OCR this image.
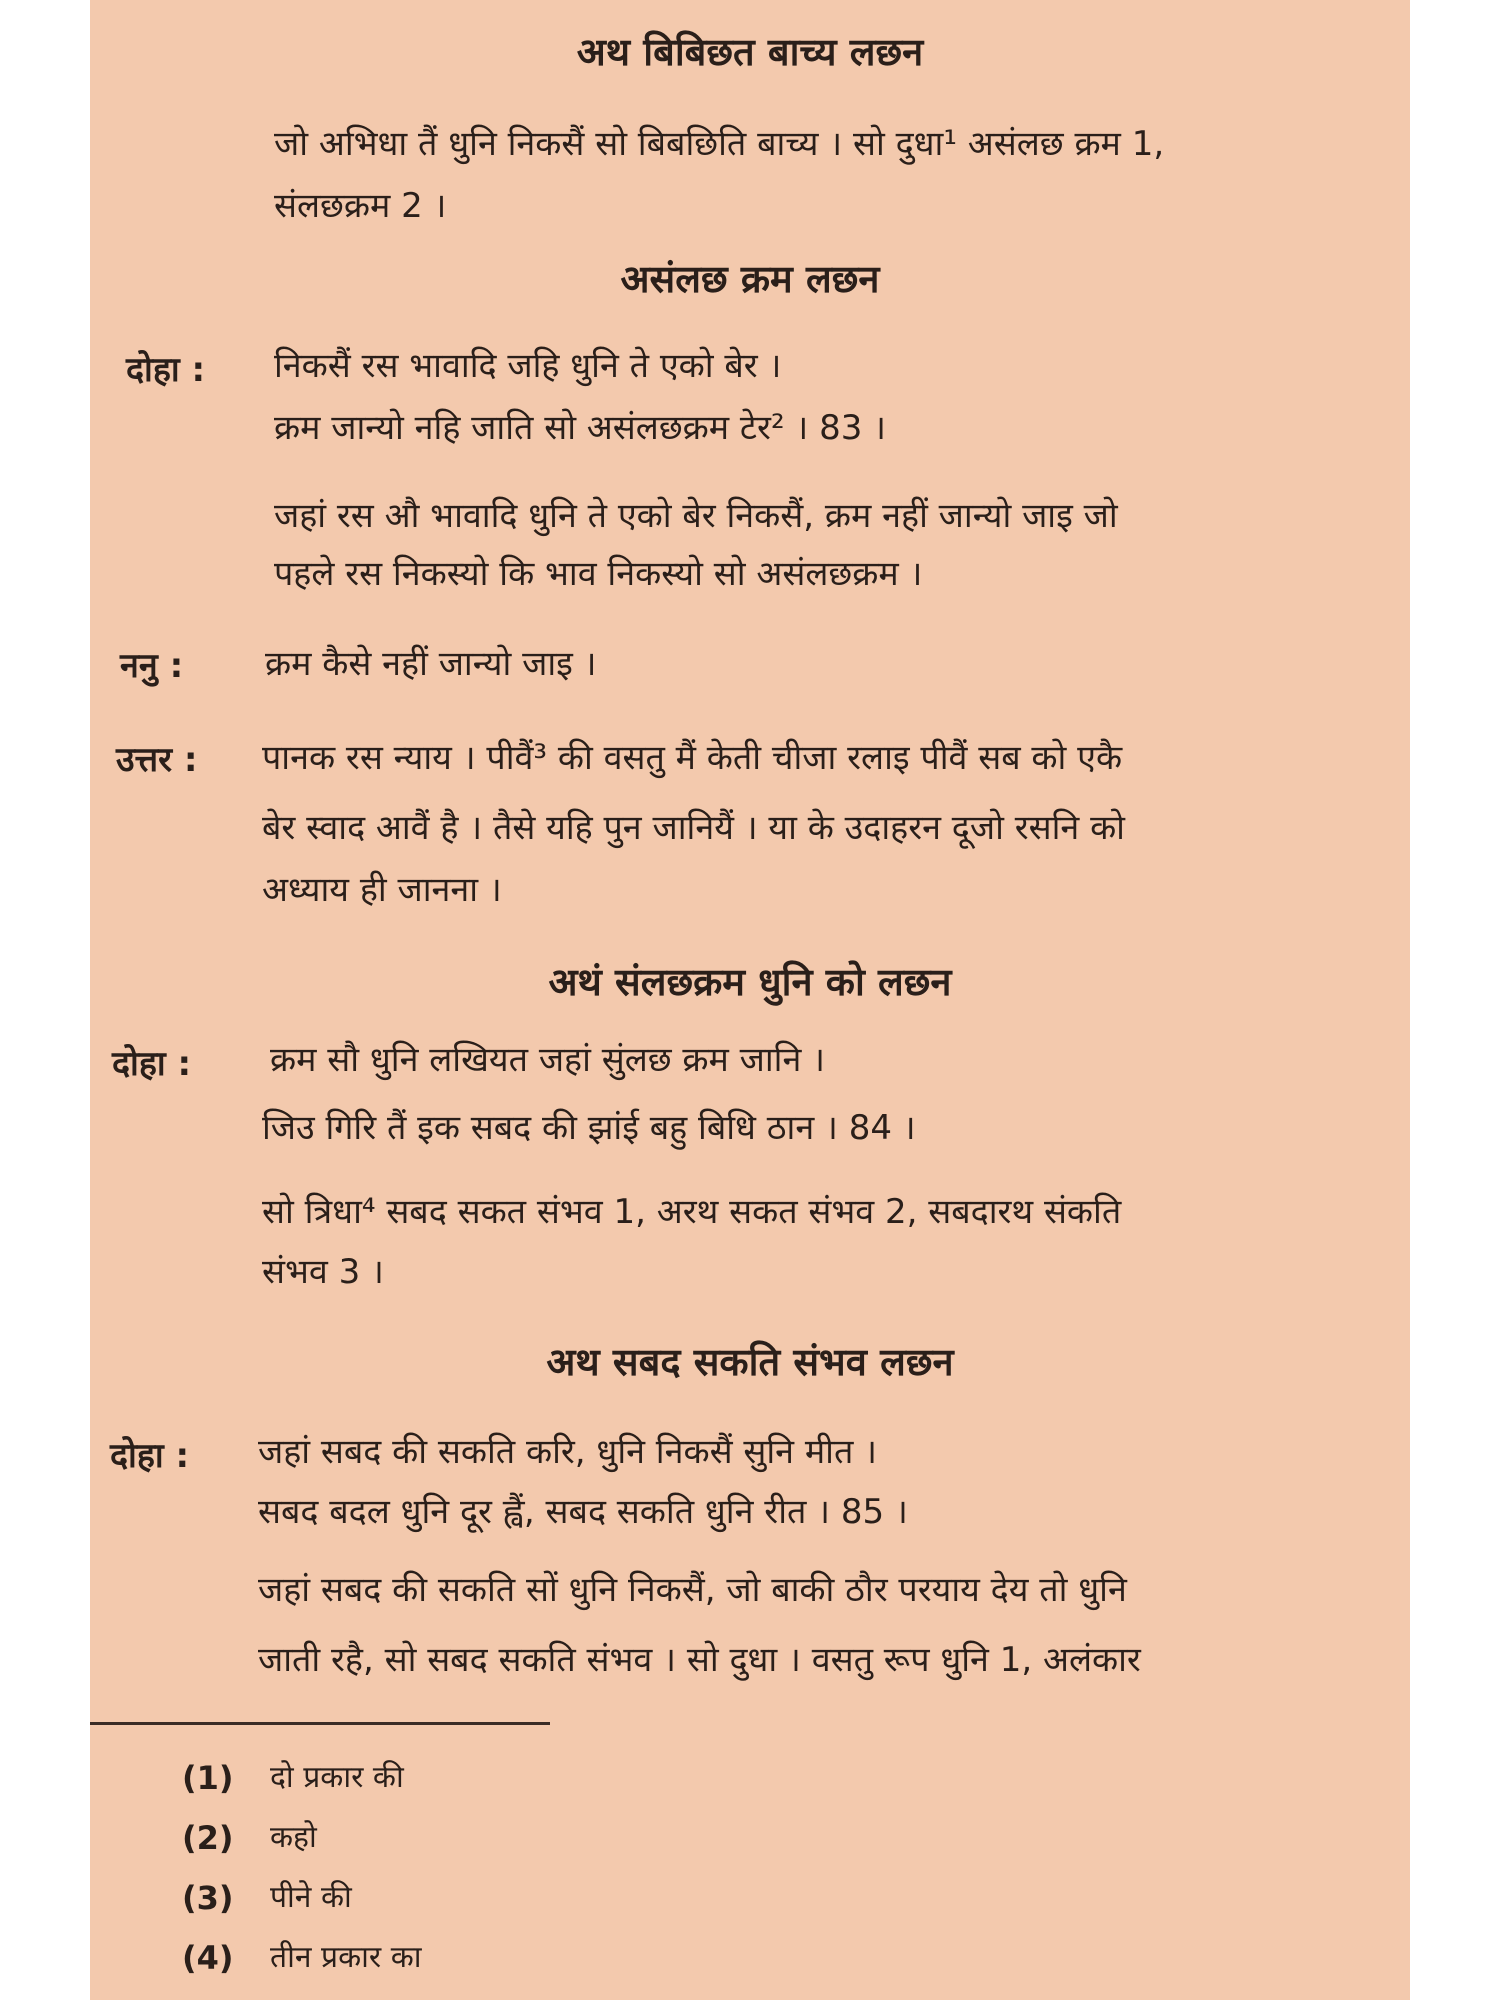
अथ बिबिछत बाच्य लछन
जो अभिधा तैं धुनि निकसैं सो बिबछिति बाच्य । सो दुधा¹ असंलछ क्रम 1,
संलछक्रम 2 ।
असंलछ क्रम लछन
दोहा : निकसैं रस भावादि जहि धुनि ते एको बेर ।
क्रम जान्यो नहि जाति सो असंलछक्रम टेर² । 83 ।
जहां रस औ भावादि धुनि ते एको बेर निकसैं, क्रम नहीं जान्यो जाइ जो
पहले रस निकस्यो कि भाव निकस्यो सो असंलछक्रम ।
ननु : क्रम कैसे नहीं जान्यो जाइ ।
उत्तर : पानक रस न्याय । पीवैं³ की वसतु मैं केती चीजा रलाइ पीवैं सब को एकै
बेर स्वाद आवैं है । तैसे यहि पुन जानियैं । या के उदाहरन दूजो रसनि को
अध्याय ही जानना ।
अथं संलछक्रम धुनि को लछन
दोहा : क्रम सौ धुनि लखियत जहां सुंलछ क्रम जानि ।
जिउ गिरि तैं इक सबद की झांई बहु बिधि ठान । 84 ।
सो त्रिधा⁴ सबद सकत संभव 1, अरथ सकत संभव 2, सबदारथ संकति
संभव 3 ।
अथ सबद सकति संभव लछन
दोहा : जहां सबद की सकति करि, धुनि निकसैं सुनि मीत ।
सबद बदल धुनि दूर ह्वैं, सबद सकति धुनि रीत । 85 ।
जहां सबद की सकति सों धुनि निकसैं, जो बाकी ठौर परयाय देय तो धुनि
जाती रहै, सो सबद सकति संभव । सो दुधा । वसतु रूप धुनि 1, अलंकार
(1) दो प्रकार की
(2) कहो
(3) पीने की
(4) तीन प्रकार का
